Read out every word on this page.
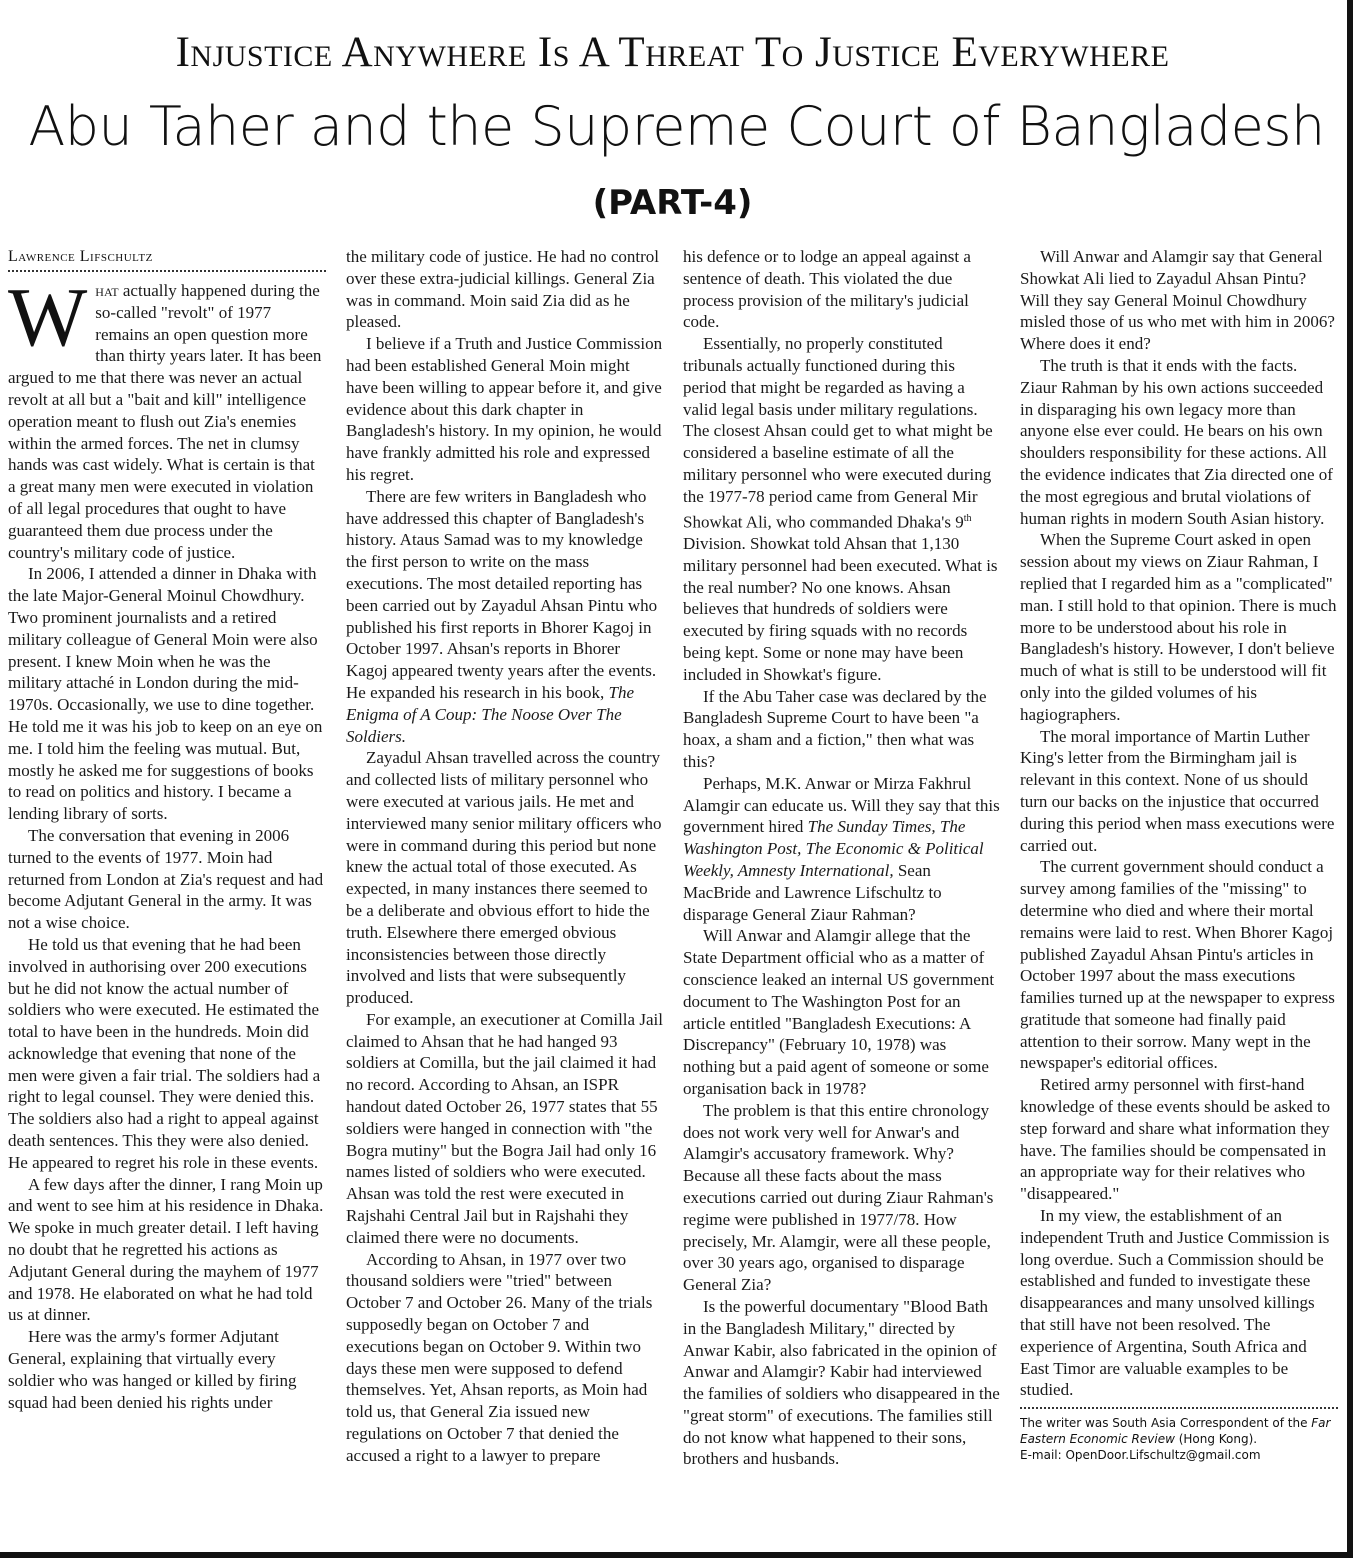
Injustice Anywhere Is A Threat To Justice Everywhere
Abu Taher and the Supreme Court of Bangladesh
(PART-4)
Lawrence Lifschultz

What actually happened during the so-called "revolt" of 1977 remains an open question more than thirty years later. It has been argued to me that there was never an actual revolt at all but a "bait and kill" intelligence operation meant to flush out Zia's enemies within the armed forces. The net in clumsy hands was cast widely. What is certain is that a great many men were executed in violation of all legal procedures that ought to have guaranteed them due process under the country's military code of justice.

In 2006, I attended a dinner in Dhaka with the late Major-General Moinul Chowdhury. Two prominent journalists and a retired military colleague of General Moin were also present. I knew Moin when he was the military attaché in London during the mid-1970s. Occasionally, we use to dine together. He told me it was his job to keep on an eye on me. I told him the feeling was mutual. But, mostly he asked me for suggestions of books to read on politics and history. I became a lending library of sorts.

The conversation that evening in 2006 turned to the events of 1977. Moin had returned from London at Zia's request and had become Adjutant General in the army. It was not a wise choice.

He told us that evening that he had been involved in authorising over 200 executions but he did not know the actual number of soldiers who were executed. He estimated the total to have been in the hundreds. Moin did acknowledge that evening that none of the men were given a fair trial. The soldiers had a right to legal counsel. They were denied this. The soldiers also had a right to appeal against death sentences. This they were also denied. He appeared to regret his role in these events.

A few days after the dinner, I rang Moin up and went to see him at his residence in Dhaka. We spoke in much greater detail. I left having no doubt that he regretted his actions as Adjutant General during the mayhem of 1977 and 1978. He elaborated on what he had told us at dinner.

Here was the army's former Adjutant General, explaining that virtually every soldier who was hanged or killed by firing squad had been denied his rights under

the military code of justice. He had no control over these extra-judicial killings. General Zia was in command. Moin said Zia did as he pleased.

I believe if a Truth and Justice Commission had been established General Moin might have been willing to appear before it, and give evidence about this dark chapter in Bangladesh's history. In my opinion, he would have frankly admitted his role and expressed his regret.

There are few writers in Bangladesh who have addressed this chapter of Bangladesh's history. Ataus Samad was to my knowledge the first person to write on the mass executions. The most detailed reporting has been carried out by Zayadul Ahsan Pintu who published his first reports in Bhorer Kagoj in October 1997. Ahsan's reports in Bhorer Kagoj appeared twenty years after the events. He expanded his research in his book, The Enigma of A Coup: The Noose Over The Soldiers.

Zayadul Ahsan travelled across the country and collected lists of military personnel who were executed at various jails. He met and interviewed many senior military officers who were in command during this period but none knew the actual total of those executed. As expected, in many instances there seemed to be a deliberate and obvious effort to hide the truth. Elsewhere there emerged obvious inconsistencies between those directly involved and lists that were subsequently produced.

For example, an executioner at Comilla Jail claimed to Ahsan that he had hanged 93 soldiers at Comilla, but the jail claimed it had no record. According to Ahsan, an ISPR handout dated October 26, 1977 states that 55 soldiers were hanged in connection with "the Bogra mutiny" but the Bogra Jail had only 16 names listed of soldiers who were executed. Ahsan was told the rest were executed in Rajshahi Central Jail but in Rajshahi they claimed there were no documents.

According to Ahsan, in 1977 over two thousand soldiers were "tried" between October 7 and October 26. Many of the trials supposedly began on October 7 and executions began on October 9. Within two days these men were supposed to defend themselves. Yet, Ahsan reports, as Moin had told us, that General Zia issued new regulations on October 7 that denied the accused a right to a lawyer to prepare

his defence or to lodge an appeal against a sentence of death. This violated the due process provision of the military's judicial code.

Essentially, no properly constituted tribunals actually functioned during this period that might be regarded as having a valid legal basis under military regulations. The closest Ahsan could get to what might be considered a baseline estimate of all the military personnel who were executed during the 1977-78 period came from General Mir Showkat Ali, who commanded Dhaka's 9th Division. Showkat told Ahsan that 1,130 military personnel had been executed. What is the real number? No one knows. Ahsan believes that hundreds of soldiers were executed by firing squads with no records being kept. Some or none may have been included in Showkat's figure.

If the Abu Taher case was declared by the Bangladesh Supreme Court to have been "a hoax, a sham and a fiction," then what was this?

Perhaps, M.K. Anwar or Mirza Fakhrul Alamgir can educate us. Will they say that this government hired The Sunday Times, The Washington Post, The Economic & Political Weekly, Amnesty International, Sean MacBride and Lawrence Lifschultz to disparage General Ziaur Rahman?

Will Anwar and Alamgir allege that the State Department official who as a matter of conscience leaked an internal US government document to The Washington Post for an article entitled "Bangladesh Executions: A Discrepancy" (February 10, 1978) was nothing but a paid agent of someone or some organisation back in 1978?

The problem is that this entire chronology does not work very well for Anwar's and Alamgir's accusatory framework. Why? Because all these facts about the mass executions carried out during Ziaur Rahman's regime were published in 1977/78. How precisely, Mr. Alamgir, were all these people, over 30 years ago, organised to disparage General Zia?

Is the powerful documentary "Blood Bath in the Bangladesh Military," directed by Anwar Kabir, also fabricated in the opinion of Anwar and Alamgir? Kabir had interviewed the families of soldiers who disappeared in the "great storm" of executions. The families still do not know what happened to their sons, brothers and husbands.

Will Anwar and Alamgir say that General Showkat Ali lied to Zayadul Ahsan Pintu? Will they say General Moinul Chowdhury misled those of us who met with him in 2006? Where does it end?

The truth is that it ends with the facts. Ziaur Rahman by his own actions succeeded in disparaging his own legacy more than anyone else ever could. He bears on his own shoulders responsibility for these actions. All the evidence indicates that Zia directed one of the most egregious and brutal violations of human rights in modern South Asian history.

When the Supreme Court asked in open session about my views on Ziaur Rahman, I replied that I regarded him as a "complicated" man. I still hold to that opinion. There is much more to be understood about his role in Bangladesh's history. However, I don't believe much of what is still to be understood will fit only into the gilded volumes of his hagiographers.

The moral importance of Martin Luther King's letter from the Birmingham jail is relevant in this context. None of us should turn our backs on the injustice that occurred during this period when mass executions were carried out.

The current government should conduct a survey among families of the "missing" to determine who died and where their mortal remains were laid to rest. When Bhorer Kagoj published Zayadul Ahsan Pintu's articles in October 1997 about the mass executions families turned up at the newspaper to express gratitude that someone had finally paid attention to their sorrow. Many wept in the newspaper's editorial offices.

Retired army personnel with first-hand knowledge of these events should be asked to step forward and share what information they have. The families should be compensated in an appropriate way for their relatives who "disappeared."

In my view, the establishment of an independent Truth and Justice Commission is long overdue. Such a Commission should be established and funded to investigate these disappearances and many unsolved killings that still have not been resolved. The experience of Argentina, South Africa and East Timor are valuable examples to be studied.

The writer was South Asia Correspondent of the Far Eastern Economic Review (Hong Kong).
E-mail: OpenDoor.Lifschultz@gmail.com
